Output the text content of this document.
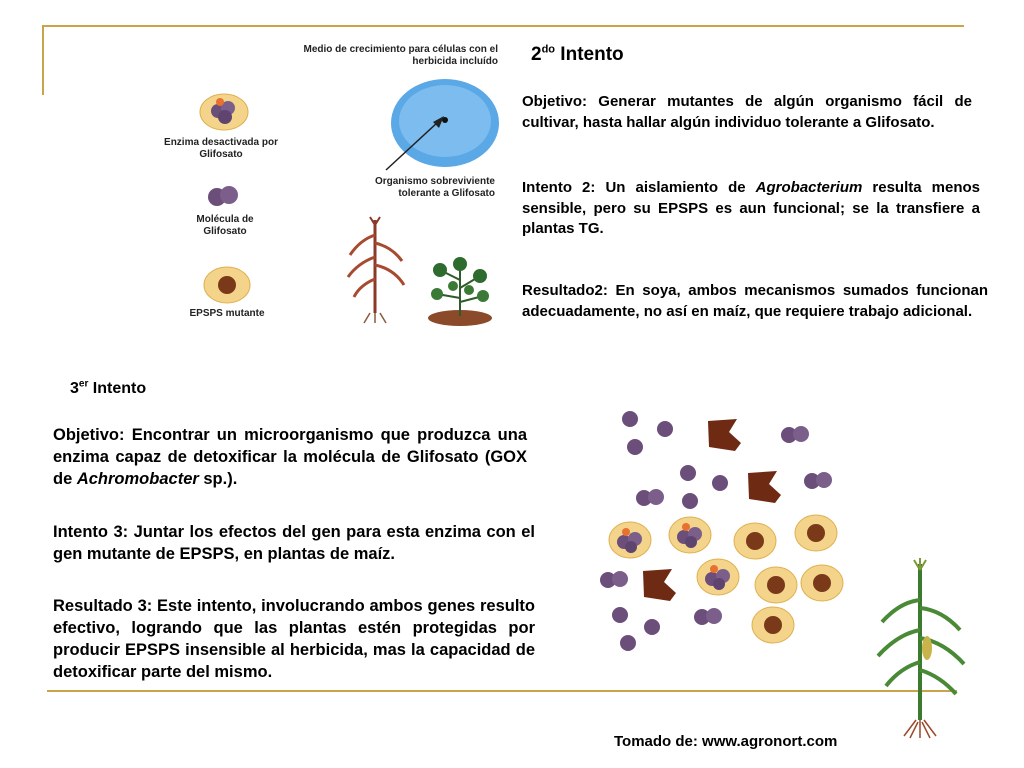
Enzima desactivada por Glifosato
Molécula de Glifosato
EPSPS mutante
Medio de crecimiento para células con el herbicida incluído
Organismo sobreviviente tolerante a Glifosato
$2^{do}$ Intento
Objetivo: Generar mutantes de algún organismo fácil de cultivar, hasta hallar algún individuo tolerante a Glifosato.
Intento 2: Un aislamiento de Agrobacterium resulta menos sensible, pero su EPSPS es aun funcional; se la transfiere a plantas TG.
Resultado2: En soya, ambos mecanismos sumados funcionan adecuadamente, no así en maíz, que requiere trabajo adicional.
3er Intento
Objetivo: Encontrar un microorganismo que produzca una enzima capaz de detoxificar la molécula de Glifosato (GOX de Achromobacter sp.).
Intento 3: Juntar los efectos del gen para esta enzima con el gen mutante de EPSPS, en plantas de maíz.
Resultado 3: Este intento, involucrando ambos genes resulto efectivo, logrando que las plantas estén protegidas por producir EPSPS insensible al herbicida, mas la capacidad de detoxificar parte del mismo.
Tomado de: www.agronort.com
